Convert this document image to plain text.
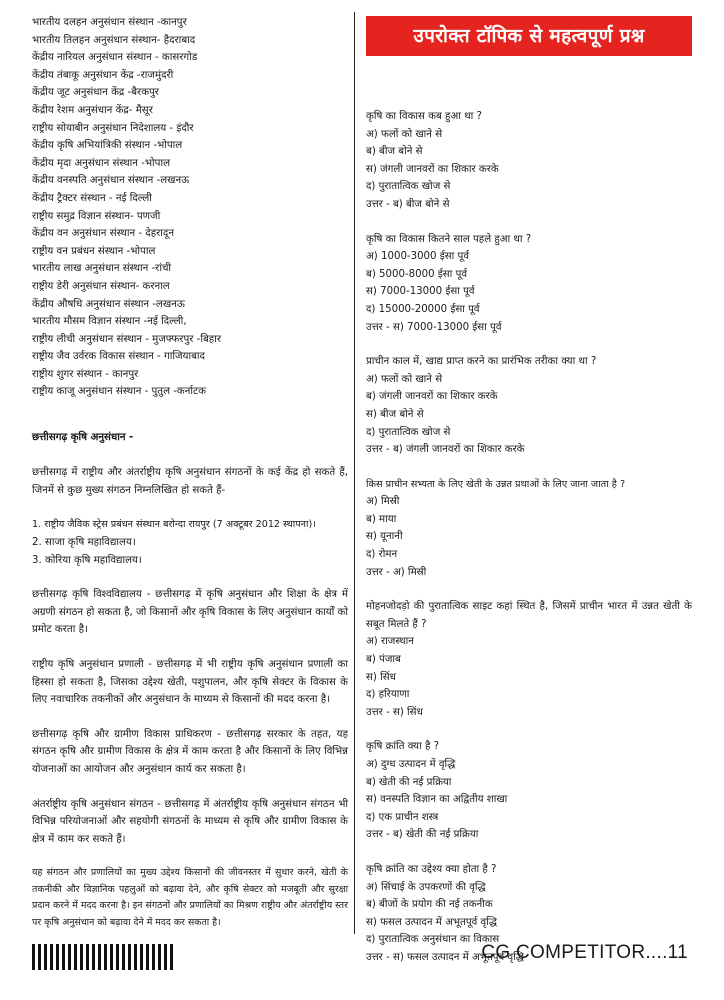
भारतीय दलहन अनुसंधान संस्थान -कानपुर
भारतीय तिलहन अनुसंधान संस्थान- हैदराबाद
केंद्रीय नारियल अनुसंधान संस्थान - कासरगोड
केंद्रीय तंबाकू अनुसंधान केंद्र -राजमुंदरी
केंद्रीय जूट अनुसंधान केंद्र -बैरकपुर
केंद्रीय रेशम अनुसंधान केंद्र- मैसूर
राष्ट्रीय सोयाबीन अनुसंधान निदेशालय - इंदौर
केंद्रीय कृषि अभियांत्रिकी संस्थान -भोपाल
केंद्रीय मृदा अनुसंधान संस्थान -भोपाल
केंद्रीय वनस्पति अनुसंधान संस्थान -लखनऊ
केंद्रीय ट्रैक्टर संस्थान - नई दिल्ली
राष्ट्रीय समुद्र विज्ञान संस्थान- पणजी
केंद्रीय वन अनुसंधान संस्थान - देहरादून
राष्ट्रीय वन प्रबंधन संस्थान -भोपाल
भारतीय लाख अनुसंधान संस्थान -रांची
राष्ट्रीय डेरी अनुसंधान संस्थान- करनाल
केंद्रीय औषधि अनुसंधान संस्थान -लखनऊ
भारतीय मौसम विज्ञान संस्थान -नई दिल्ली,
राष्ट्रीय लीची अनुसंधान संस्थान - मुजफ्फरपुर -बिहार
राष्ट्रीय जैव उर्वरक विकास संस्थान - गाजियाबाद
राष्ट्रीय शुगर संस्थान - कानपुर
राष्ट्रीय काजू अनुसंधान संस्थान - पुतुल -कर्नाटक
छत्तीसगढ़ कृषि अनुसंधान -
छत्तीसगढ़ में राष्ट्रीय और अंतर्राष्ट्रीय कृषि अनुसंधान संगठनों के कई केंद्र हो सकते हैं, जिनमें से कुछ मुख्य संगठन निम्नलिखित हो सकते हैं-
1. राष्ट्रीय जैविक स्ट्रेस प्रबंधन संस्थान बरोन्दा रायपुर (7 अक्टूबर 2012 स्थापना)।
2. साजा कृषि महाविद्यालय।
3. कोरिया कृषि महाविद्यालय।
छत्तीसगढ़ कृषि विश्वविद्यालय - छत्तीसगढ़ में कृषि अनुसंधान और शिक्षा के क्षेत्र में अग्रणी संगठन हो सकता है, जो किसानों और कृषि विकास के लिए अनुसंधान कार्यों को प्रमोट करता है।
राष्ट्रीय कृषि अनुसंधान प्रणाली - छत्तीसगढ़ में भी राष्ट्रीय कृषि अनुसंधान प्रणाली का हिस्सा हो सकता है, जिसका उद्देश्य खेती, पशुपालन, और कृषि सेक्टर के विकास के लिए नवाचारिक तकनीकों और अनुसंधान के माध्यम से किसानों की मदद करना है।
छत्तीसगढ़ कृषि और ग्रामीण विकास प्राधिकरण - छत्तीसगढ़ सरकार के तहत, यह संगठन कृषि और ग्रामीण विकास के क्षेत्र में काम करता है और किसानों के लिए विभिन्न योजनाओं का आयोजन और अनुसंधान कार्य कर सकता है।
अंतर्राष्ट्रीय कृषि अनुसंधान संगठन - छत्तीसगढ़ में अंतर्राष्ट्रीय कृषि अनुसंधान संगठन भी विभिन्न परियोजनाओं और सहयोगी संगठनों के माध्यम से कृषि और ग्रामीण विकास के क्षेत्र में काम कर सकते हैं।
यह संगठन और प्रणालियों का मुख्य उद्देश्य किसानों की जीवनस्तर में सुधार करने, खेती के तकनीकी और विज्ञानिक पहलुओं को बढ़ावा देने, और कृषि सेक्टर को मजबूती और सुरक्षा प्रदान करने में मदद करना है। इन संगठनों और प्रणालियों का मिश्रण राष्ट्रीय और अंतर्राष्ट्रीय स्तर पर कृषि अनुसंधान को बढ़ावा देने में मदद कर सकता है।
उपरोक्त टॉपिक से महत्वपूर्ण प्रश्न
कृषि का विकास कब हुआ था ?
अ) फलों को खाने से
ब) बीज बोने से
स) जंगली जानवरों का शिकार करके
द) पुरातात्विक खोज से
उत्तर - ब) बीज बोने से
कृषि का विकास कितने साल पहले हुआ था ?
अ) 1000-3000 ईसा पूर्व
ब) 5000-8000 ईसा पूर्व
स) 7000-13000 ईसा पूर्व
द) 15000-20000 ईसा पूर्व
उत्तर - स) 7000-13000 ईसा पूर्व
प्राचीन काल में, खाद्य प्राप्त करने का प्रारंभिक तरीका क्या था ?
अ) फलों को खाने से
ब) जंगली जानवरों का शिकार करके
स) बीज बोने से
द) पुरातात्विक खोज से
उत्तर - ब) जंगली जानवरों का शिकार करके
किस प्राचीन सभ्यता के लिए खेती के उन्नत प्रथाओं के लिए जाना जाता है ?
अ) मिस्री
ब) माया
स) यूनानी
द) रोमन
उत्तर - अ) मिस्री
मोहनजोदड़ो की पुरातात्विक साइट कहां स्थित है, जिसमें प्राचीन भारत में उन्नत खेती के सबूत मिलते हैं ?
अ) राजस्थान
ब) पंजाब
स) सिंध
द) हरियाणा
उत्तर - स) सिंध
कृषि क्रांति क्या है ?
अ) दुग्ध उत्पादन में वृद्धि
ब) खेती की नई प्रक्रिया
स) वनस्पति विज्ञान का अद्वितीय शाखा
द) एक प्राचीन शस्त्र
उत्तर - ब) खेती की नई प्रक्रिया
कृषि क्रांति का उद्देश्य क्या होता है ?
अ) सिंचाई के उपकरणों की वृद्धि
ब) बीजों के प्रयोग की नई तकनीक
स) फसल उत्पादन में अभूतपूर्व वृद्धि
द) पुरातात्विक अनुसंधान का विकास
उत्तर - स) फसल उत्पादन में अभूतपूर्व वृद्धि
CG COMPETITOR....11
